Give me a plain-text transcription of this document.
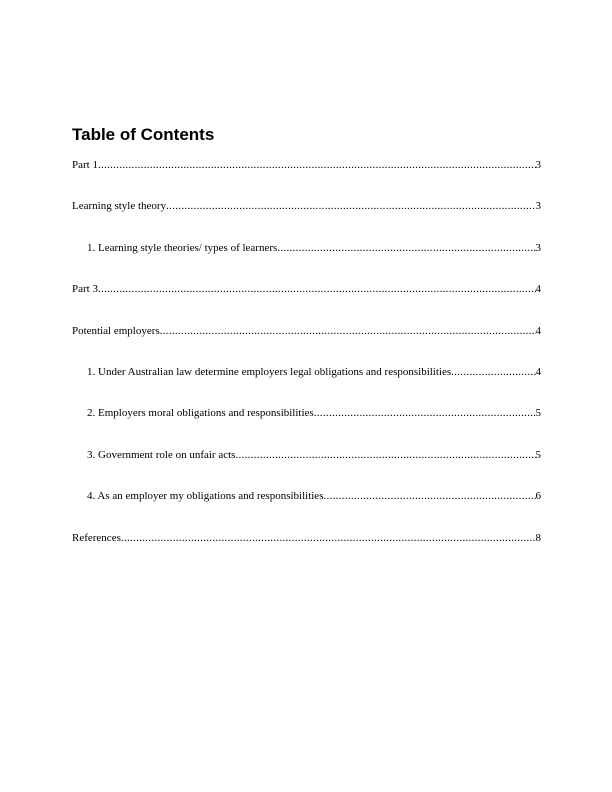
Table of Contents
Part 1 .....	3
Learning style theory .....	3
1. Learning style theories/ types of learners .....	3
Part 3 .....	4
Potential employers .....	4
1. Under Australian law determine employers legal obligations and responsibilities .....	4
2. Employers moral obligations and responsibilities .....	5
3. Government role on unfair acts .....	5
4. As an employer my obligations and responsibilities .....	6
References .....	8
